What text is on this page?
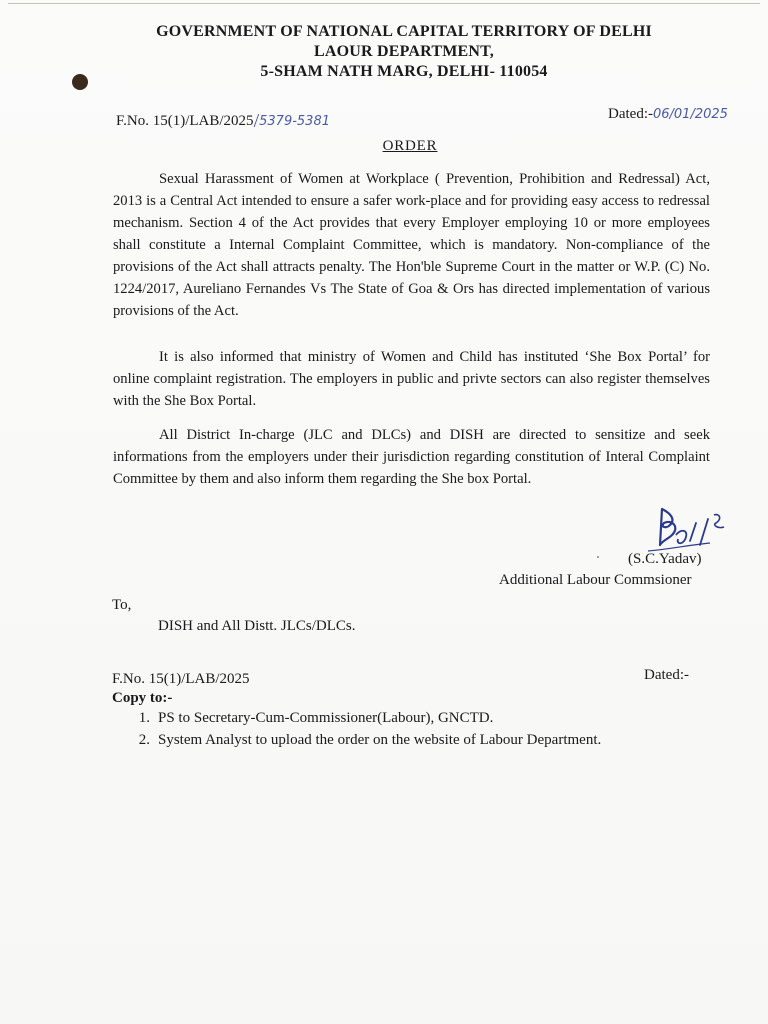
GOVERNMENT OF NATIONAL CAPITAL TERRITORY OF DELHI
LAOUR DEPARTMENT,
5-SHAM NATH MARG, DELHI- 110054
F.No. 15(1)/LAB/2025/5379-5381	Dated:-06/01/2025
ORDER

Sexual Harassment of Women at Workplace ( Prevention, Prohibition and Redressal) Act, 2013 is a Central Act intended to ensure a safer work-place and for providing easy access to redressal mechanism. Section 4 of the Act provides that every Employer employing 10 or more employees shall constitute a Internal Complaint Committee, which is mandatory. Non-compliance of the provisions of the Act shall attracts penalty. The Hon'ble Supreme Court in the matter or W.P. (C) No. 1224/2017, Aureliano Fernandes Vs The State of Goa & Ors has directed implementation of various provisions of the Act.

It is also informed that ministry of Women and Child has instituted ‘She Box Portal’ for online complaint registration. The employers in public and privte sectors can also register themselves with the She Box Portal.

All District In-charge (JLC and DLCs) and DISH are directed to sensitize and seek informations from the employers under their jurisdiction regarding constitution of Interal Complaint Committee by them and also inform them regarding the She box Portal.

(S.C.Yadav)
Additional Labour Commsioner
To,
DISH and All Distt. JLCs/DLCs.
F.No. 15(1)/LAB/2025	Dated:-
Copy to:-
1. PS to Secretary-Cum-Commissioner(Labour), GNCTD.
2. System Analyst to upload the order on the website of Labour Department.
